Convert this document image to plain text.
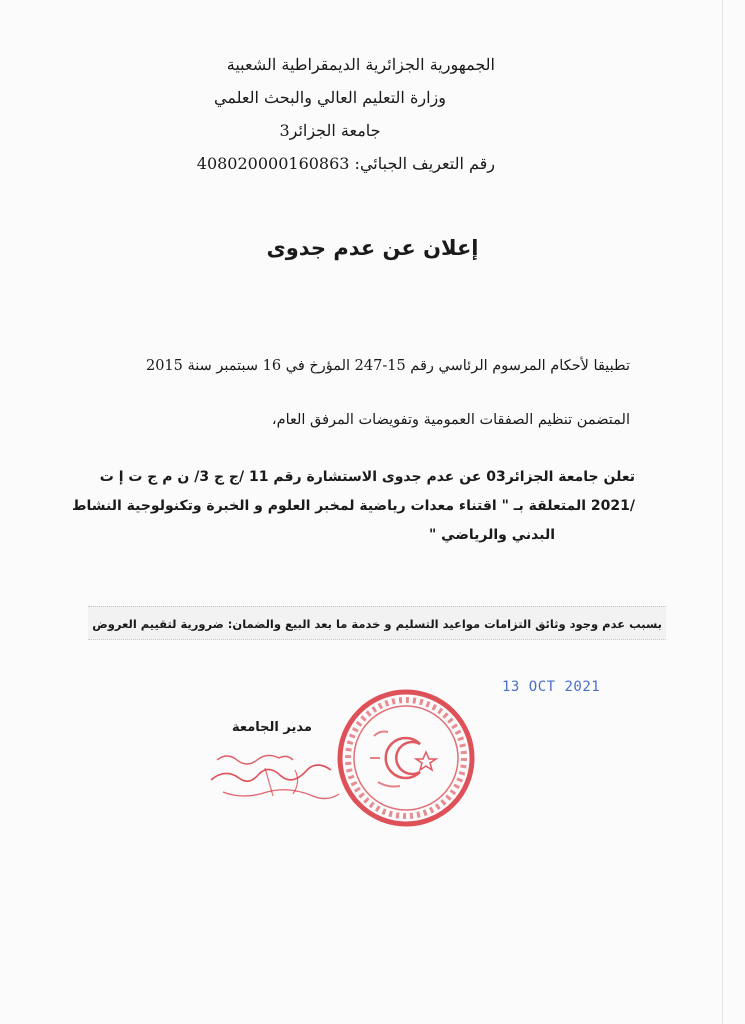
الجمهورية الجزائرية الديمقراطية الشعبية
وزارة التعليم العالي والبحث العلمي
جامعة الجزائر3
رقم التعريف الجبائي: 408020000160863
إعلان عن عدم جدوى
تطبيقا لأحكام المرسوم الرئاسي رقم 15-247 المؤرخ في 16 سبتمبر سنة 2015
المتضمن تنظيم الصفقات العمومية وتفويضات المرفق العام،
تعلن جامعة الجزائر03 عن عدم جدوى الاستشارة رقم 11 /ج ج 3/ ن م ج ت إ ت
/2021 المتعلقة بـ " اقتناء معدات رياضية لمخبر العلوم و الخبرة وتكنولوجية النشاط
البدني والرياضي "
بسبب عدم وجود وثائق التزامات مواعيد التسليم و خدمة ما بعد البيع والضمان: ضرورية لتقييم العروض
13 OCT 2021
مدير الجامعة
